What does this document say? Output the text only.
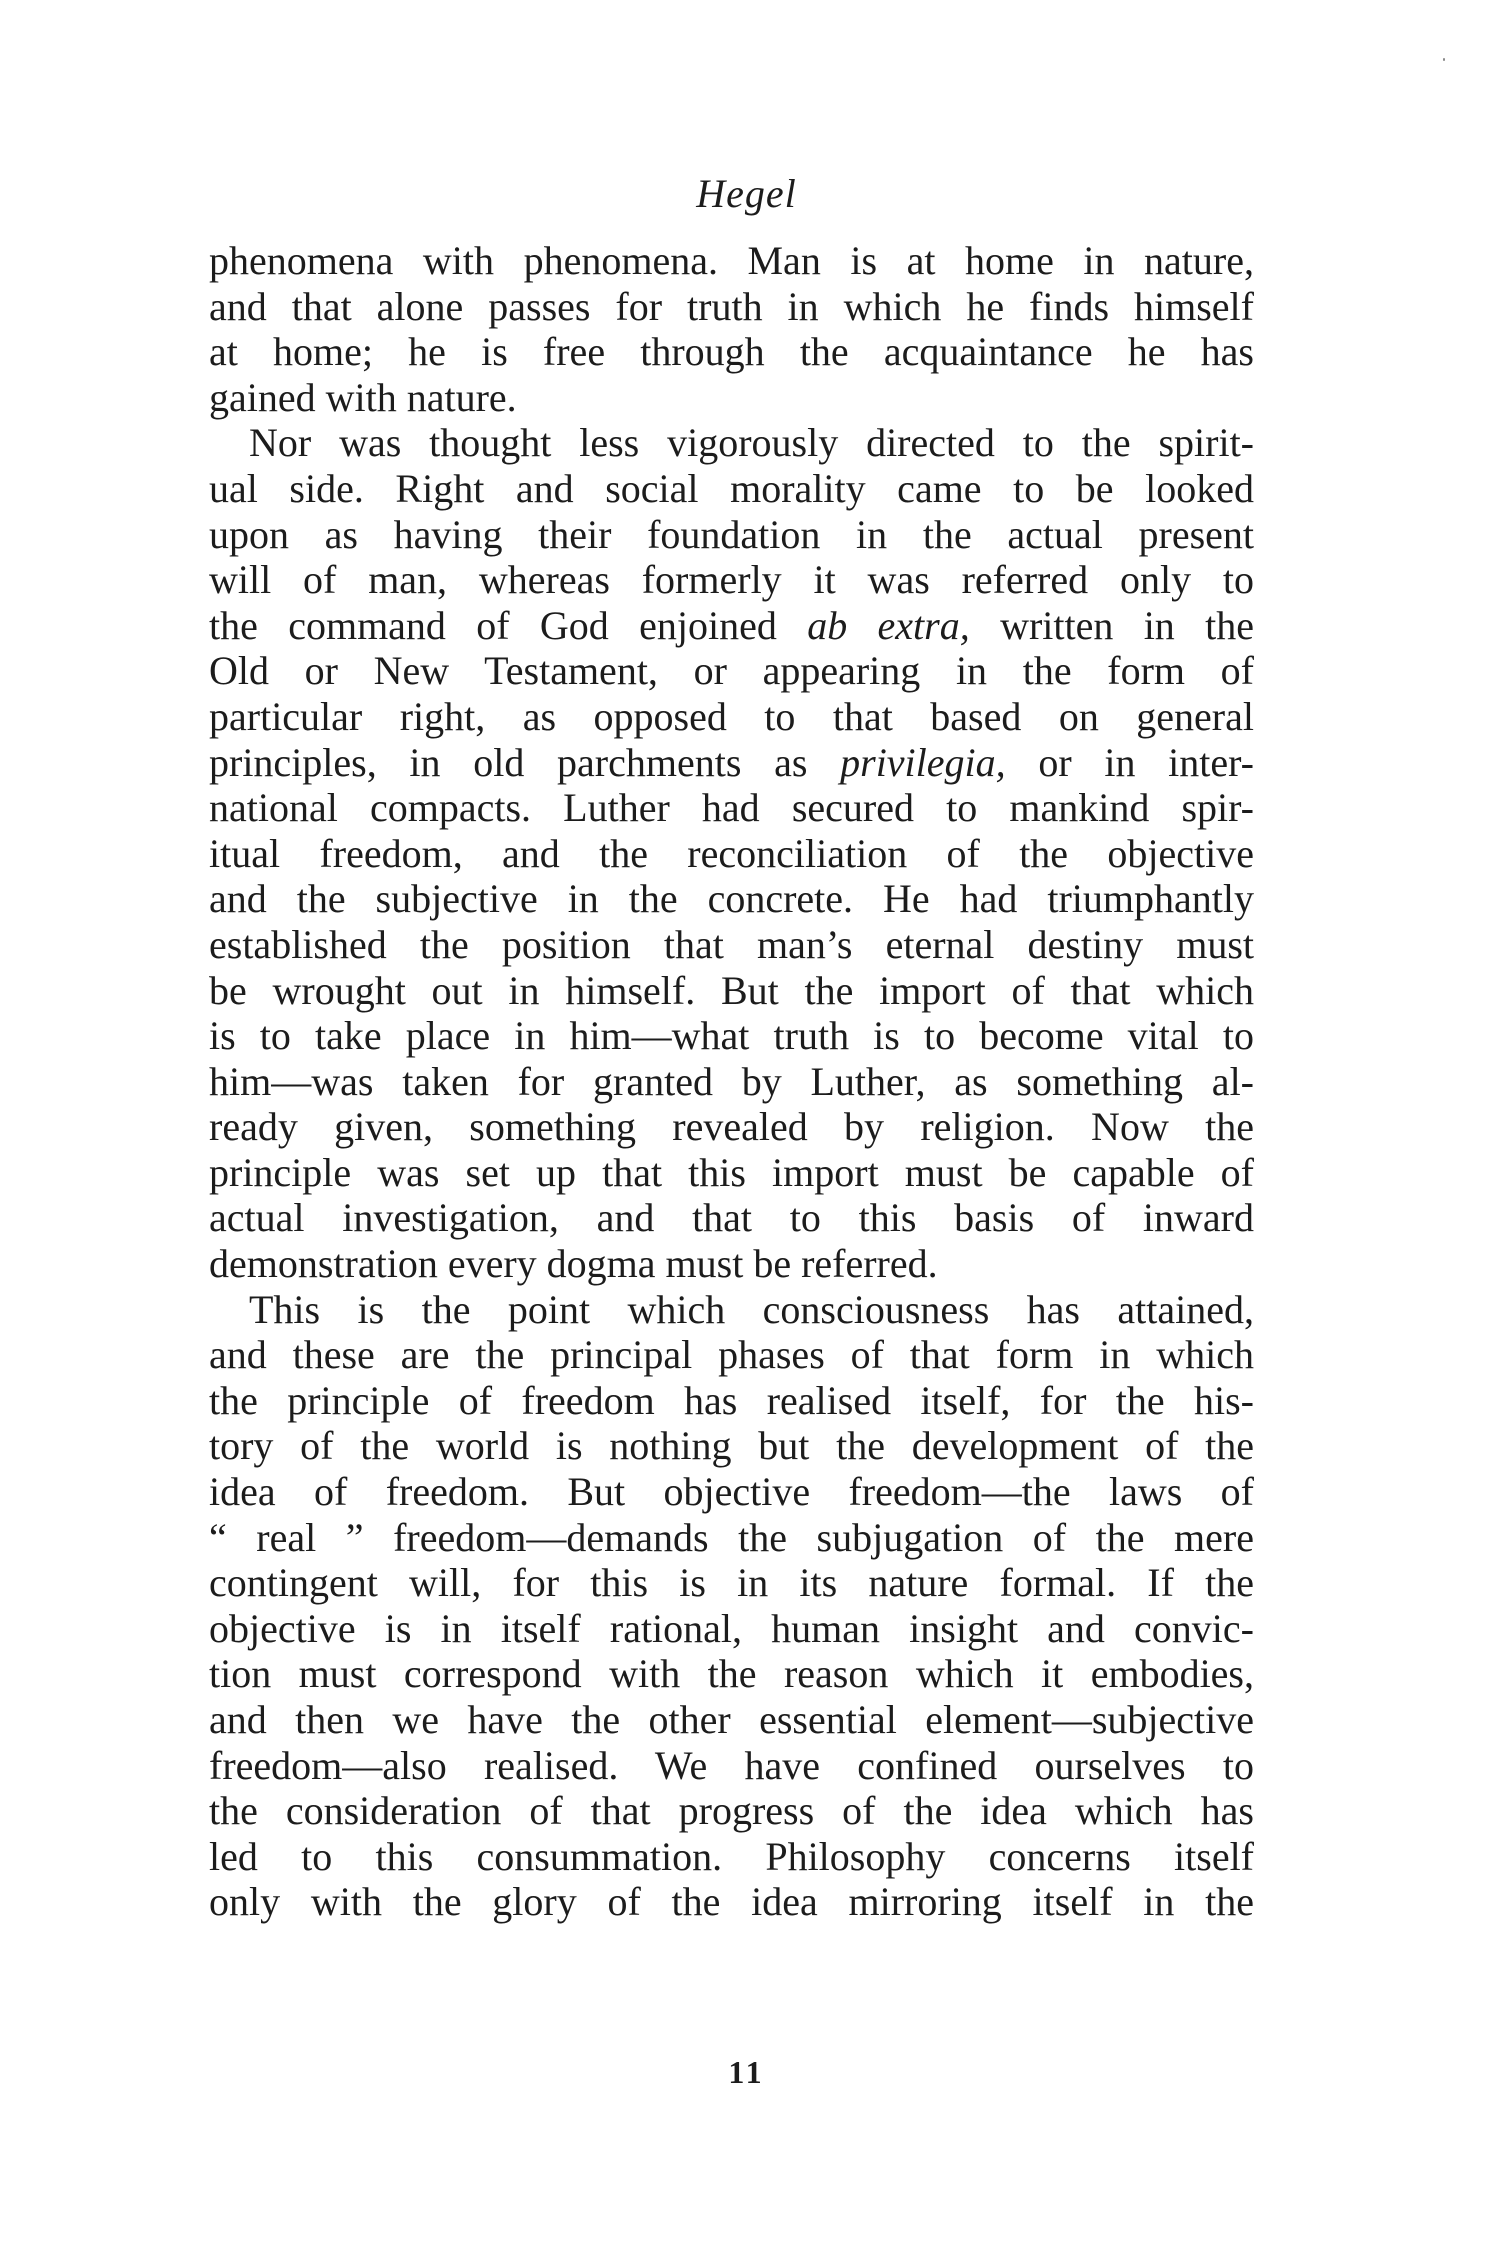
Hegel
phenomena with phenomena. Man is at home in nature,
and that alone passes for truth in which he finds himself
at home; he is free through the acquaintance he has
gained with nature.
Nor was thought less vigorously directed to the spirit-
ual side. Right and social morality came to be looked
upon as having their foundation in the actual present
will of man, whereas formerly it was referred only to
the command of God enjoined ab extra, written in the
Old or New Testament, or appearing in the form of
particular right, as opposed to that based on general
principles, in old parchments as privilegia, or in inter-
national compacts. Luther had secured to mankind spir-
itual freedom, and the reconciliation of the objective
and the subjective in the concrete. He had triumphantly
established the position that man’s eternal destiny must
be wrought out in himself. But the import of that which
is to take place in him—what truth is to become vital to
him—was taken for granted by Luther, as something al-
ready given, something revealed by religion. Now the
principle was set up that this import must be capable of
actual investigation, and that to this basis of inward
demonstration every dogma must be referred.
This is the point which consciousness has attained,
and these are the principal phases of that form in which
the principle of freedom has realised itself, for the his-
tory of the world is nothing but the development of the
idea of freedom. But objective freedom—the laws of
“ real ” freedom—demands the subjugation of the mere
contingent will, for this is in its nature formal. If the
objective is in itself rational, human insight and convic-
tion must correspond with the reason which it embodies,
and then we have the other essential element—subjective
freedom—also realised. We have confined ourselves to
the consideration of that progress of the idea which has
led to this consummation. Philosophy concerns itself
only with the glory of the idea mirroring itself in the
11
